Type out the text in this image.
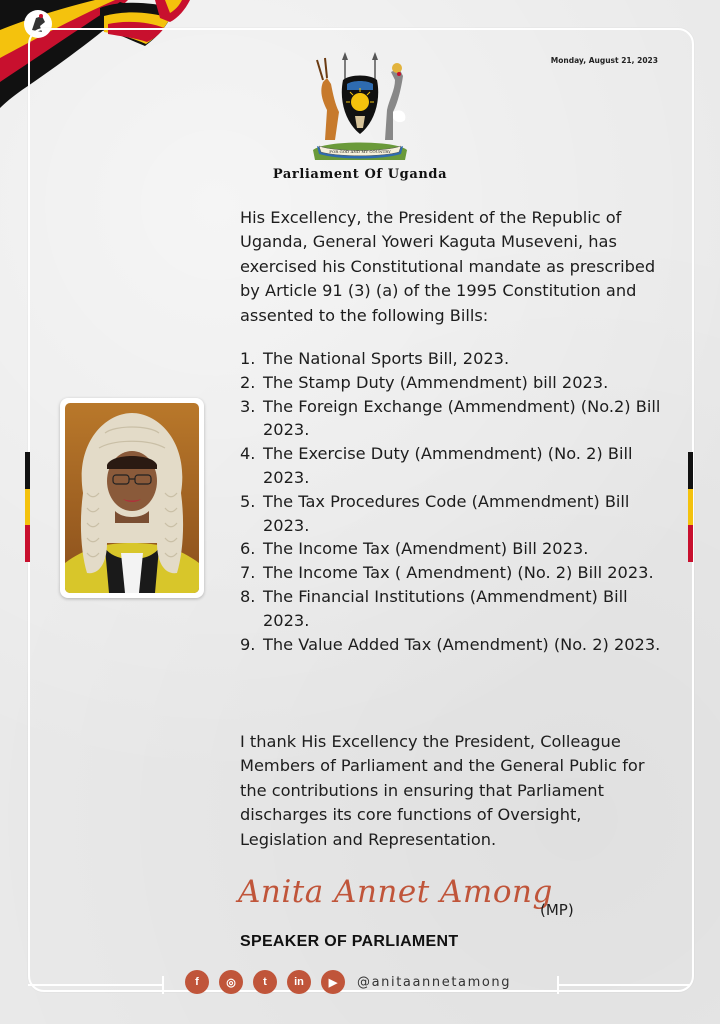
Monday, August 21, 2023
FOR GOD AND MY COUNTRY
Parliament Of Uganda
His Excellency, the President of the Republic of Uganda, General Yoweri Kaguta Museveni, has exercised his Constitutional mandate as prescribed by Article 91 (3) (a) of the 1995 Constitution and assented to the following Bills:
1. The National Sports Bill, 2023.
2. The Stamp Duty (Ammendment) bill 2023.
3. The Foreign Exchange (Ammendment) (No.2) Bill 2023.
4. The Exercise Duty (Ammendment) (No. 2) Bill 2023.
5. The Tax Procedures Code (Ammendment) Bill 2023.
6. The Income Tax (Amendment) Bill 2023.
7. The Income Tax ( Amendment) (No. 2) Bill 2023.
8. The Financial Institutions (Ammendment) Bill 2023.
9. The Value Added Tax (Amendment) (No. 2) 2023.
I thank His Excellency the President, Colleague Members of Parliament and the General Public for the contributions in ensuring that Parliament discharges its core functions of Oversight, Legislation and Representation.
Anita Annet Among
(MP)
SPEAKER OF PARLIAMENT
f	◎	t	in	▶	@anitaannetamong
